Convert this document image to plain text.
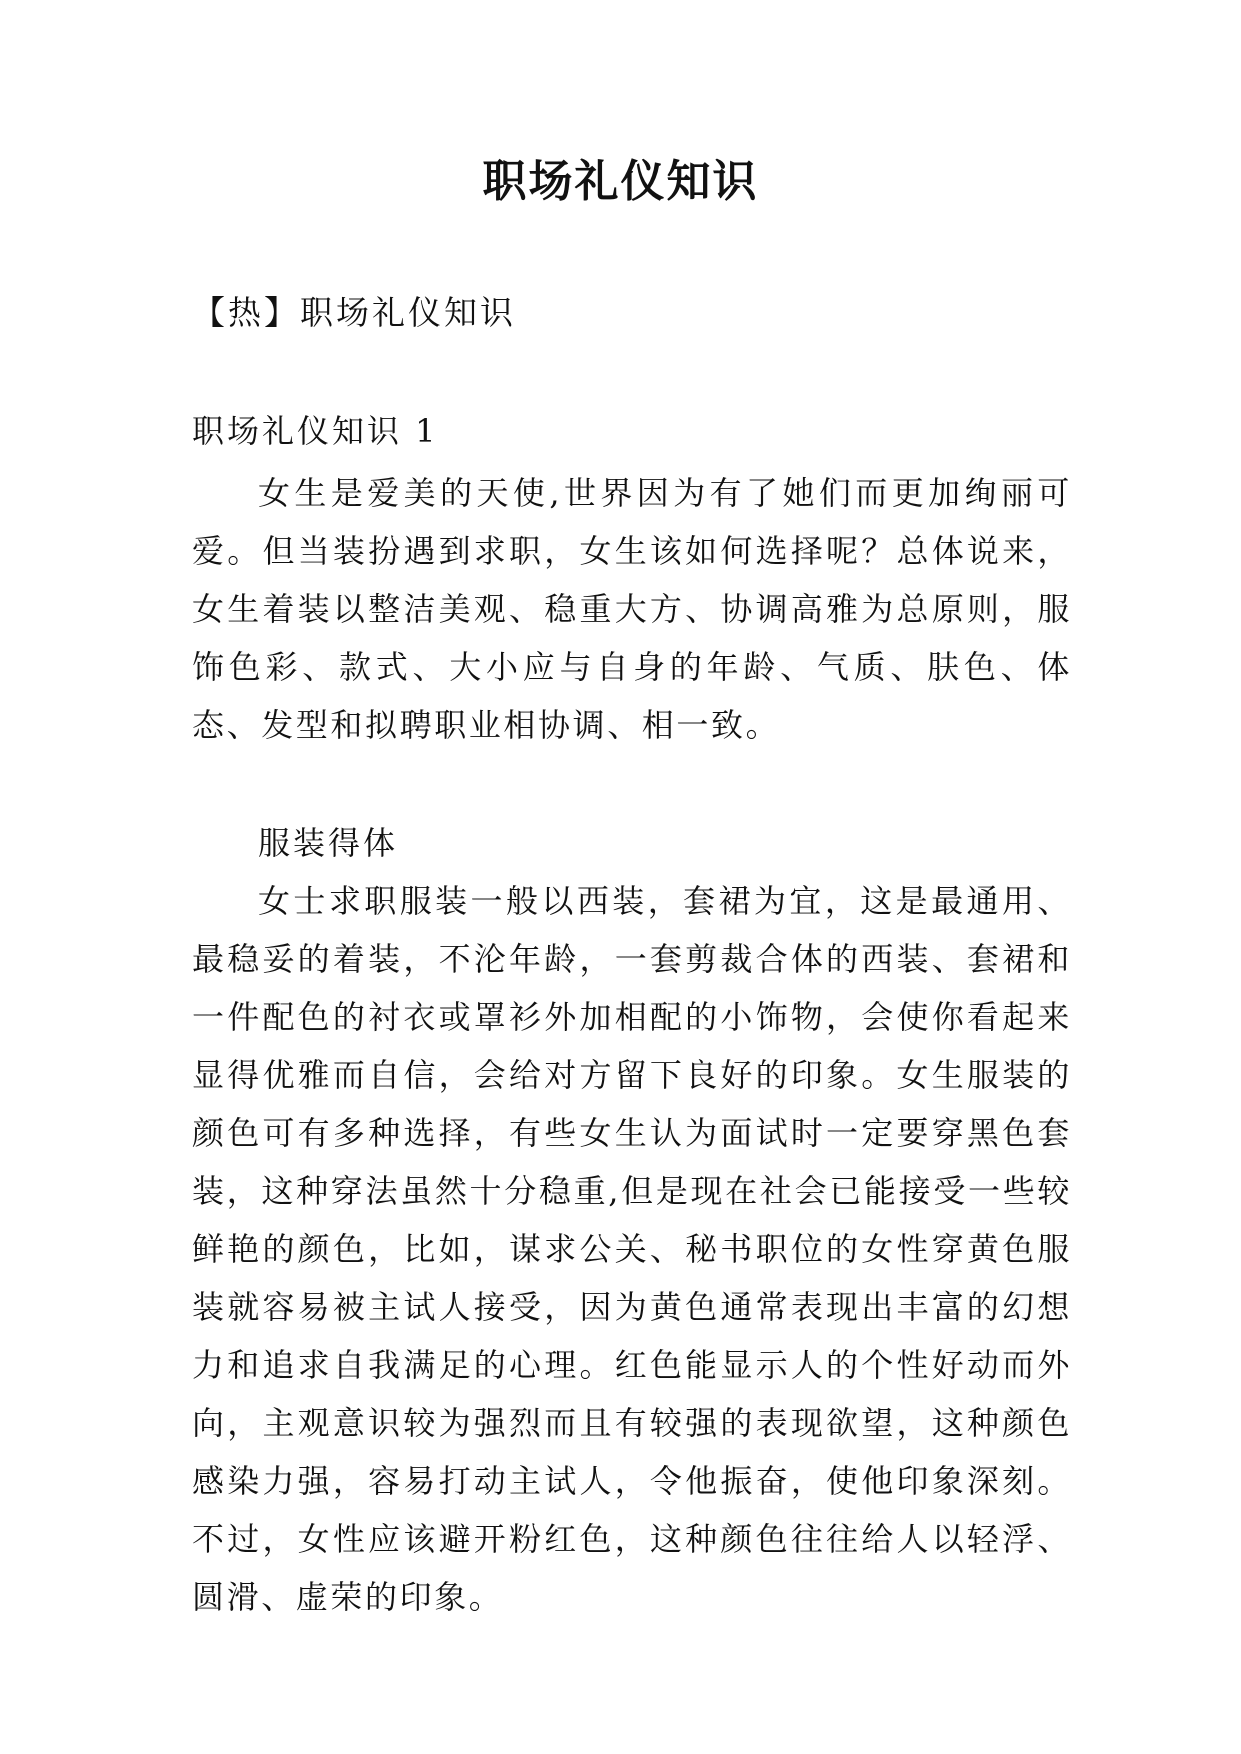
职场礼仪知识
【热】职场礼仪知识
职场礼仪知识 1

女生是爱美的天使,世界因为有了她们而更加绚丽可爱。但当装扮遇到求职，女生该如何选择呢？总体说来，女生着装以整洁美观、稳重大方、协调高雅为总原则，服饰色彩、款式、大小应与自身的年龄、气质、肤色、体态、发型和拟聘职业相协调、相一致。

服装得体

女士求职服装一般以西装，套裙为宜，这是最通用、最稳妥的着装，不沦年龄，一套剪裁合体的西装、套裙和一件配色的衬衣或罩衫外加相配的小饰物，会使你看起来显得优雅而自信，会给对方留下良好的印象。女生服装的颜色可有多种选择，有些女生认为面试时一定要穿黑色套装，这种穿法虽然十分稳重,但是现在社会已能接受一些较鲜艳的颜色，比如，谋求公关、秘书职位的女性穿黄色服装就容易被主试人接受，因为黄色通常表现出丰富的幻想力和追求自我满足的心理。红色能显示人的个性好动而外向，主观意识较为强烈而且有较强的表现欲望，这种颜色感染力强，容易打动主试人，令他振奋，使他印象深刻。不过，女性应该避开粉红色，这种颜色往往给人以轻浮、圆滑、虚荣的印象。
